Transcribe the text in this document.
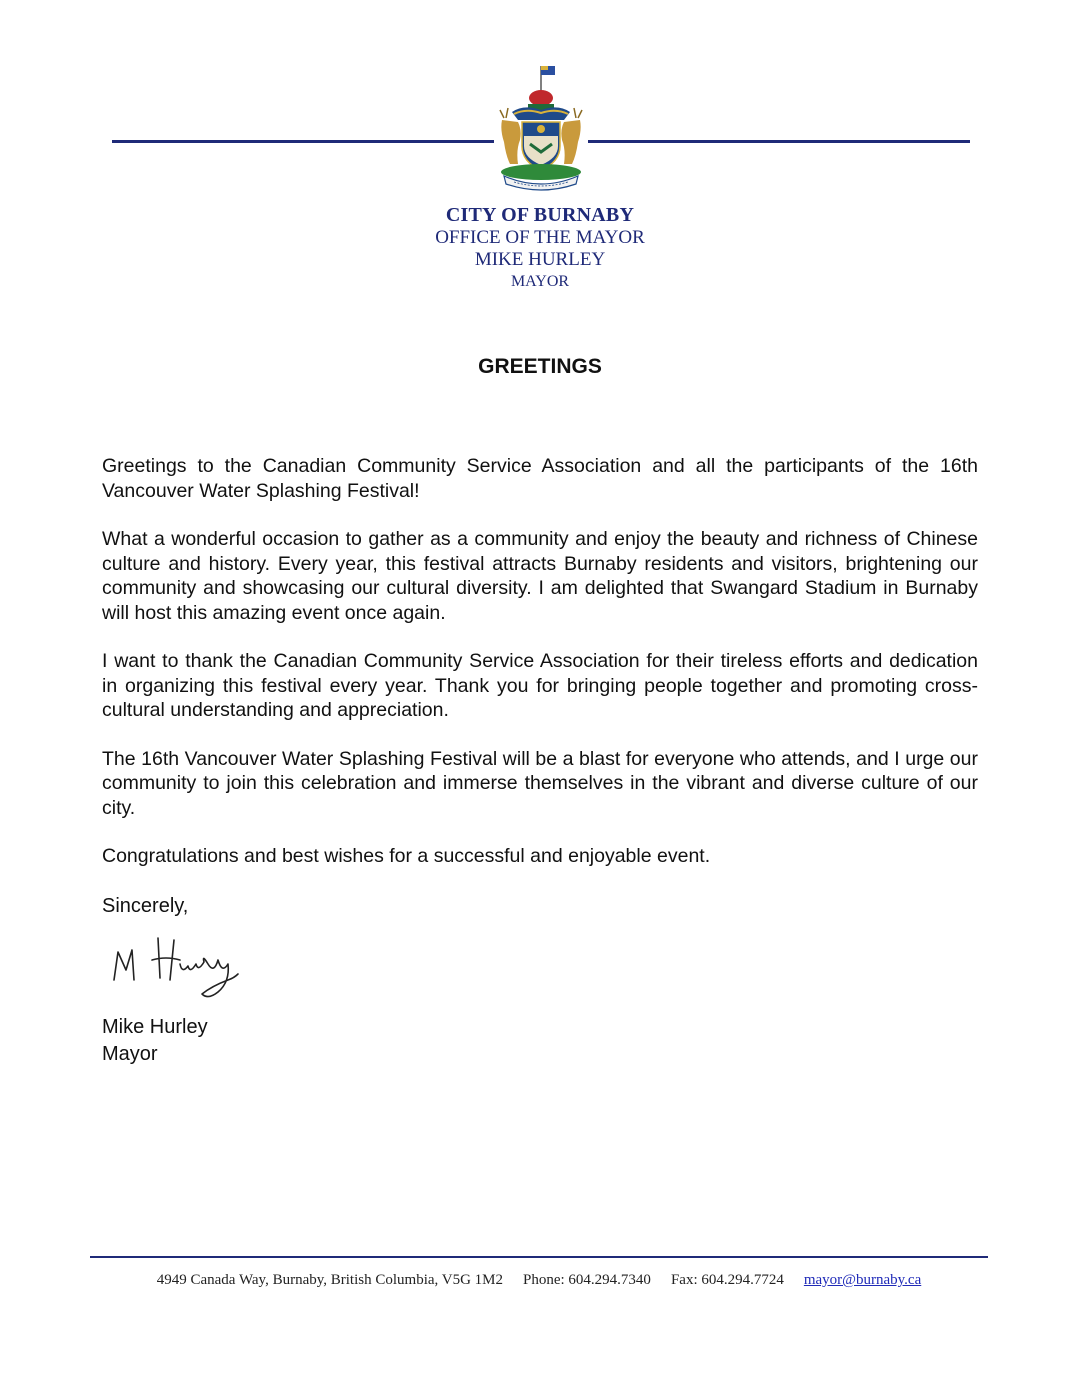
CITY OF BURNABY
OFFICE OF THE MAYOR
MIKE HURLEY
MAYOR
GREETINGS

Greetings to the Canadian Community Service Association and all the participants of the 16th Vancouver Water Splashing Festival!

What a wonderful occasion to gather as a community and enjoy the beauty and richness of Chinese culture and history. Every year, this festival attracts Burnaby residents and visitors, brightening our community and showcasing our cultural diversity. I am delighted that Swangard Stadium in Burnaby will host this amazing event once again.

I want to thank the Canadian Community Service Association for their tireless efforts and dedication in organizing this festival every year. Thank you for bringing people together and promoting cross-cultural understanding and appreciation.

The 16th Vancouver Water Splashing Festival will be a blast for everyone who attends, and I urge our community to join this celebration and immerse themselves in the vibrant and diverse culture of our city.

Congratulations and best wishes for a successful and enjoyable event.

Sincerely,
Mike Hurley
Mayor
4949 Canada Way, Burnaby, British Columbia, V5G 1M2 Phone: 604.294.7340 Fax: 604.294.7724 mayor@burnaby.ca
